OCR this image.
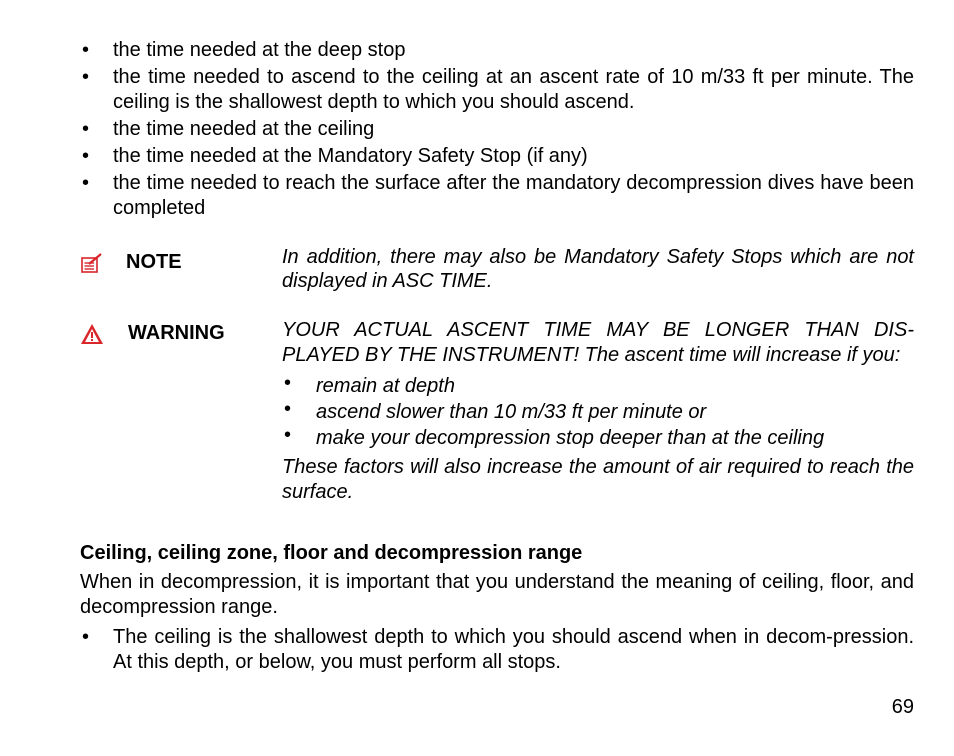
• the time needed at the deep stop
• the time needed to ascend to the ceiling at an ascent rate of 10 m/33 ft per minute. The ceiling is the shallowest depth to which you should ascend.
• the time needed at the ceiling
• the time needed at the Mandatory Safety Stop (if any)
• the time needed to reach the surface after the mandatory decompression dives have been completed
NOTE	In addition, there may also be Mandatory Safety Stops which are not displayed in ASC TIME.

WARNING	YOUR ACTUAL ASCENT TIME MAY BE LONGER THAN DIS-PLAYED BY THE INSTRUMENT! The ascent time will increase if you:

• remain at depth
• ascend slower than 10 m/33 ft per minute or
• make your decompression stop deeper than at the ceiling

These factors will also increase the amount of air required to reach the surface.

Ceiling, ceiling zone, floor and decompression range

When in decompression, it is important that you understand the meaning of ceiling, floor, and decompression range.

• The ceiling is the shallowest depth to which you should ascend when in decom-pression. At this depth, or below, you must perform all stops.
69
